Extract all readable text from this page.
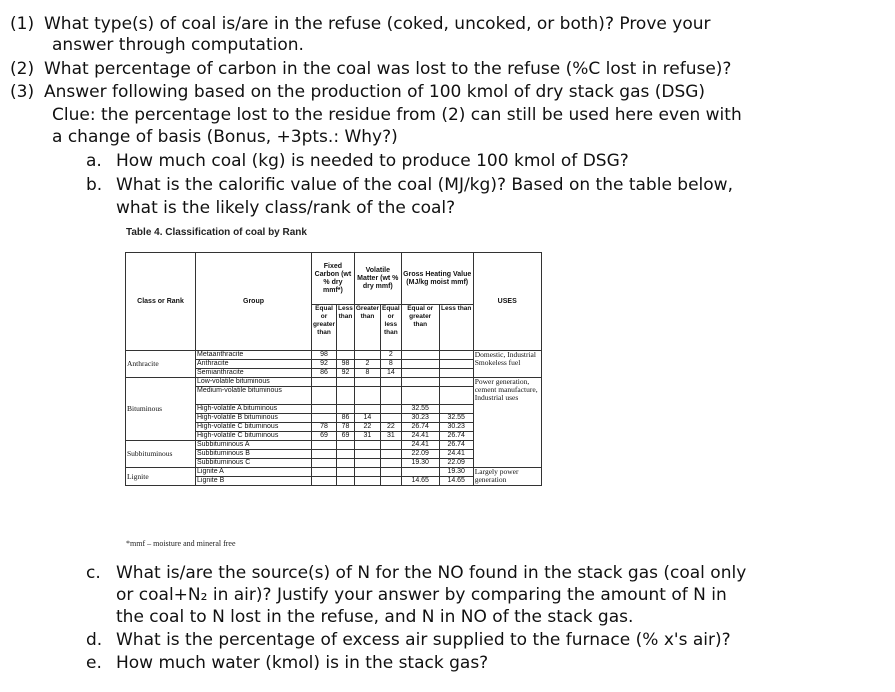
(1) What type(s) of coal is/are in the refuse (coked, uncoked, or both)? Prove your
answer through computation.
(2) What percentage of carbon in the coal was lost to the refuse (%C lost in refuse)?
(3) Answer following based on the production of 100 kmol of dry stack gas (DSG)
Clue: the percentage lost to the residue from (2) can still be used here even with
a change of basis (Bonus, +3pts.: Why?)
a. How much coal (kg) is needed to produce 100 kmol of DSG?
b. What is the calorific value of the coal (MJ/kg)? Based on the table below,
what is the likely class/rank of the coal?
Table 4. Classification of coal by Rank
Class or Rank	Group	Fixed Carbon (wt % dry mmf*)		Volatile Matter (wt % dry mmf)		Gross Heating Value (MJ/kg moist mmf)		USES
		Equal or greater than	Less than	Greater than	Equal or less than	Equal or greater than	Less than	
Anthracite	Metaanthracite	98			2			Domestic, Industrial Smokeless fuel
	Anthracite	92	98	2	8			
	Semianthracite	86	92	8	14			
Bituminous	Low-volatile bituminous							Power generation, cement manufacture, Industrial uses
	Medium-volatile bituminous							
	High-volatile A bituminous					32.55		
	High-volatile B bituminous		86	14		30.23	32.55	
	High-volatile C bituminous	78	78	22	22	26.74	30.23	
	High-volatile C bituminous	69	69	31	31	24.41	26.74	
Subbituminous	Subbituminous A					24.41	26.74	
	Subbituminous B					22.09	24.41	
	Subbituminous C					19.30	22.09	
Lignite	Lignite A						19.30	Largely power generation
	Lignite B					14.65	14.65	
*mmf – moisture and mineral free
c. What is/are the source(s) of N for the NO found in the stack gas (coal only
or coal+N₂ in air)? Justify your answer by comparing the amount of N in
the coal to N lost in the refuse, and N in NO of the stack gas.
d. What is the percentage of excess air supplied to the furnace (% x's air)?
e. How much water (kmol) is in the stack gas?
